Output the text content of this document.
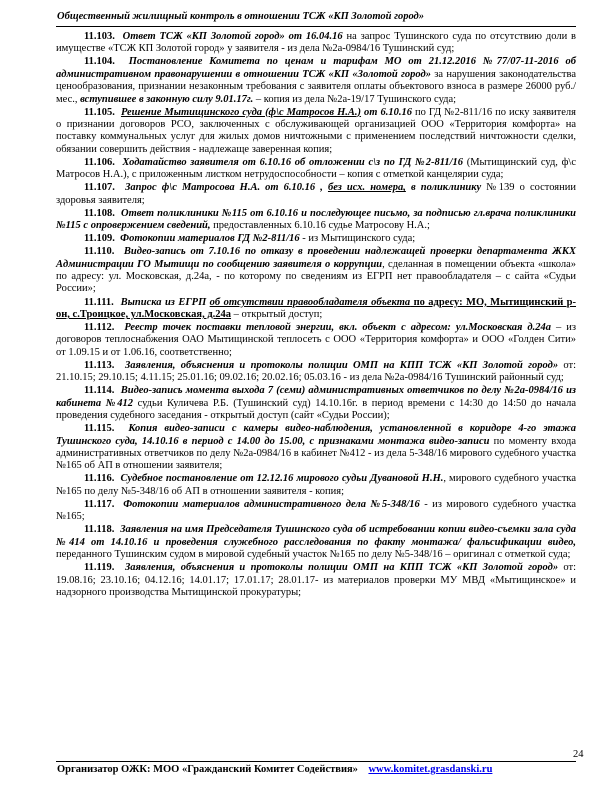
Общественный жилищный контроль в отношении ТСЖ «КП Золотой город»

11.103. Ответ ТСЖ «КП Золотой город» от 16.04.16 на запрос Тушинского суда по отсутствию доли в имуществе «ТСЖ КП Золотой город» у заявителя - из дела №2а-0984/16 Тушинский суд;

11.104. Постановление Комитета по ценам и тарифам МО от 21.12.2016 №77/07-11-2016 об административном правонарушении в отношении ТСЖ «КП «Золотой город» за нарушения законодательства ценообразования, признании незаконным требования с заявителя оплаты объектового взноса в размере 26000 руб./мес., вступившее в законную силу 9.01.17г. – копия из дела №2а-19/17 Тушинского суда;

11.105. Решение Мытищинского суда (ф\с Матросов Н.А.) от 6.10.16 по ГД №2-811/16 по иску заявителя о признании договоров РСО, заключенных с обслуживающей организацией ООО «Территория комфорта» на поставку коммунальных услуг для жилых домов ничтожными с применением последствий ничтожности сделки, обязании совершить действия - надлежаще заверенная копия;

11.106. Ходатайство заявителя от 6.10.16 об отложении с\з по ГД №2-811/16 (Мытищинский суд, ф\с Матросов Н.А.), с приложенным листком нетрудоспособности – копия с отметкой канцелярии суда;

11.107. Запрос ф\с Матросова Н.А. от 6.10.16 , без исх. номера, в поликлинику №139 о состоянии здоровья заявителя;

11.108. Ответ поликлиники №115 от 6.10.16 и последующее письмо, за подписью гл.врача поликлиники №115 с опровержением сведений, предоставленных 6.10.16 судье Матросову Н.А.;

11.109. Фотокопии материалов ГД №2-811/16 - из Мытищинского суда;

11.110. Видео-запись от 7.10.16 по отказу в проведении надлежащей проверки департамента ЖКХ Администрации ГО Мытищи по сообщению заявителя о коррупции, сделанная в помещении объекта «школа» по адресу: ул. Московская, д.24а, - по которому по сведениям из ЕГРП нет правообладателя – с сайта «Судьи России»;

11.111. Выписка из ЕГРП об отсутствии правообладателя объекта по адресу: МО, Мытищинский р-он, с.Троицкое, ул.Московская, д.24а – открытый доступ;

11.112. Реестр точек поставки тепловой энергии, вкл. объект с адресом: ул.Московская д.24а – из договоров теплоснабжения ОАО Мытищинской теплосеть с ООО «Территория комфорта» и ООО «Голден Сити» от 1.09.15 и от 1.06.16, соответственно;

11.113. Заявления, объяснения и протоколы полиции ОМП на КПП ТСЖ «КП Золотой город» от: 21.10.15; 29.10.15; 4.11.15; 25.01.16; 09.02.16; 20.02.16; 05.03.16 - из дела №2а-0984/16 Тушинский районный суд;

11.114. Видео-запись момента выхода 7 (семи) административных ответчиков по делу №2а-0984/16 из кабинета №412 судьи Куличева Р.Б. (Тушинский суд) 14.10.16г. в период времени с 14:30 до 14:50 до начала проведения судебного заседания - открытый доступ (сайт «Судьи России);

11.115. Копия видео-записи с камеры видео-наблюдения, установленной в коридоре 4-го этажа Тушинского суда, 14.10.16 в период с 14.00 до 15.00, с признаками монтажа видео-записи по моменту входа административных ответчиков по делу №2а-0984/16 в кабинет №412 - из дела 5-348/16 мирового судебного участка №165 об АП в отношении заявителя;

11.116. Судебное постановление от 12.12.16 мирового судьи Дувановой Н.Н., мирового судебного участка №165 по делу №5-348/16 об АП в отношении заявителя - копия;

11.117. Фотокопии материалов административного дела №5-348/16 - из мирового судебного участка №165;

11.118. Заявления на имя Председателя Тушинского суда об истребовании копии видео-съемки зала суда №414 от 14.10.16 и проведения служебного расследования по факту монтажа/ фальсификации видео, переданного Тушинским судом в мировой судебный участок №165 по делу №5-348/16 – оригинал с отметкой суда;

11.119. Заявления, объяснения и протоколы полиции ОМП на КПП ТСЖ «КП Золотой город» от: 19.08.16; 23.10.16; 04.12.16; 14.01.17; 17.01.17; 28.01.17- из материалов проверки МУ МВД «Мытищинское» и надзорного производства Мытищинской прокуратуры;

24
Организатор ОЖК: МОО «Гражданский Комитет Содействия» www.komitet.grasdanski.ru
